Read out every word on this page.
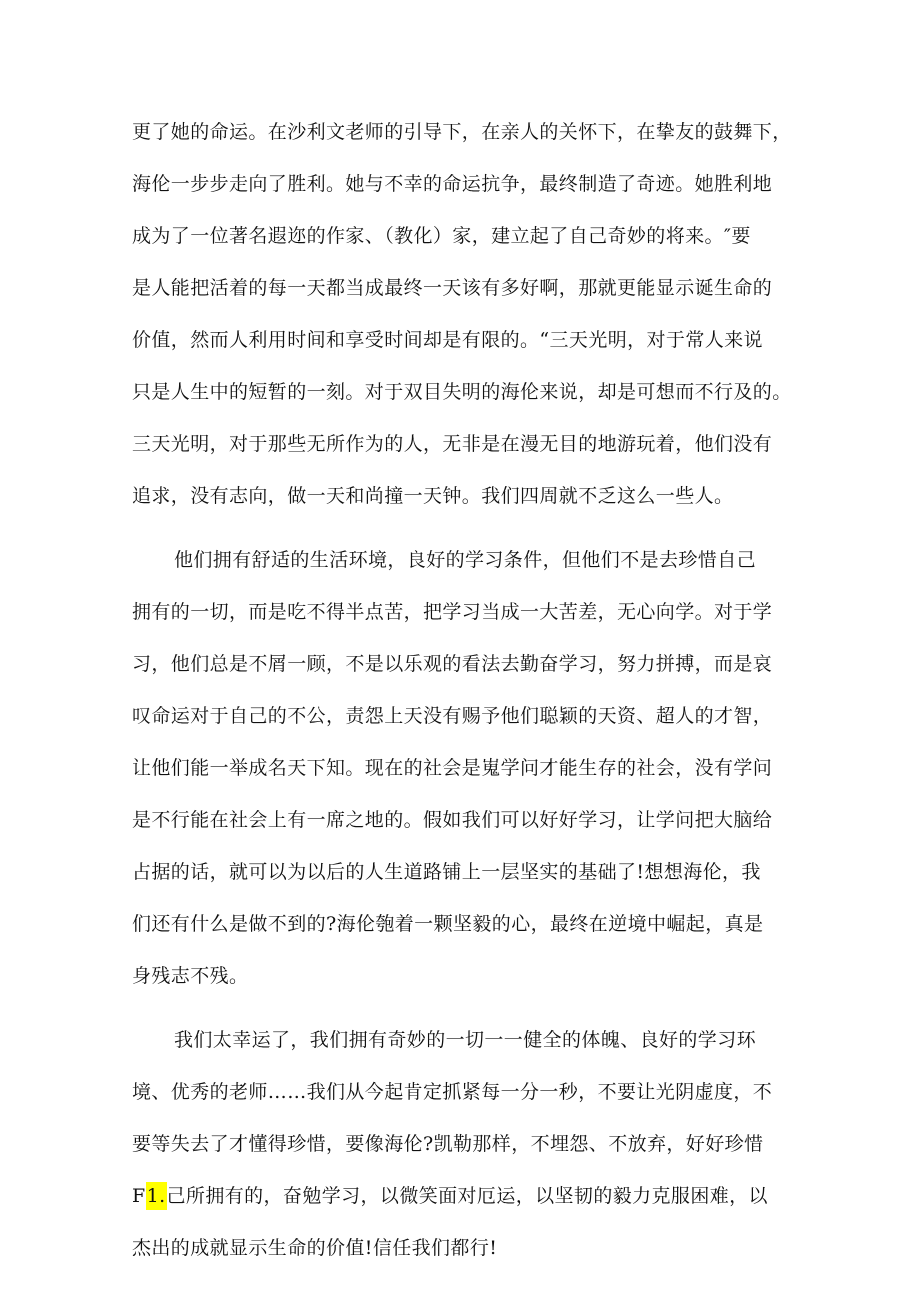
更了她的命运。在沙利文老师的引导下，在亲人的关怀下，在挚友的鼓舞下，
海伦一步步走向了胜利。她与不幸的命运抗争，最终制造了奇迹。她胜利地
成为了一位著名遐迩的作家、（教化）家，建立起了自己奇妙的将来。″要
是人能把活着的每一天都当成最终一天该有多好啊，那就更能显示诞生命的
价值，然而人利用时间和享受时间却是有限的。“三天光明，对于常人来说
只是人生中的短暂的一刻。对于双目失明的海伦来说，却是可想而不行及的。
三天光明，对于那些无所作为的人，无非是在漫无目的地游玩着，他们没有
追求，没有志向，做一天和尚撞一天钟。我们四周就不乏这么一些人。
他们拥有舒适的生活环境，良好的学习条件，但他们不是去珍惜自己
拥有的一切，而是吃不得半点苦，把学习当成一大苦差，无心向学。对于学
习，他们总是不屑一顾，不是以乐观的看法去勤奋学习，努力拼搏，而是哀
叹命运对于自己的不公，责怨上天没有赐予他们聪颖的天资、超人的才智，
让他们能一举成名天下知。现在的社会是嵬学问才能生存的社会，没有学问
是不行能在社会上有一席之地的。假如我们可以好好学习，让学问把大脑给
占据的话，就可以为以后的人生道路铺上一层坚实的基础了!想想海伦，我
们还有什么是做不到的?海伦匏着一颗坚毅的心，最终在逆境中崛起，真是
身残志不残。
我们太幸运了，我们拥有奇妙的一切一一健全的体魄、良好的学习环
境、优秀的老师……我们从今起肯定抓紧每一分一秒，不要让光阴虚度，不
要等失去了才懂得珍惜，要像海伦?凯勒那样，不埋怨、不放弃，好好珍惜
F1.己所拥有的，奋勉学习，以微笑面对厄运，以坚韧的毅力克服困难，以
杰出的成就显示生命的价值!信任我们都行!
